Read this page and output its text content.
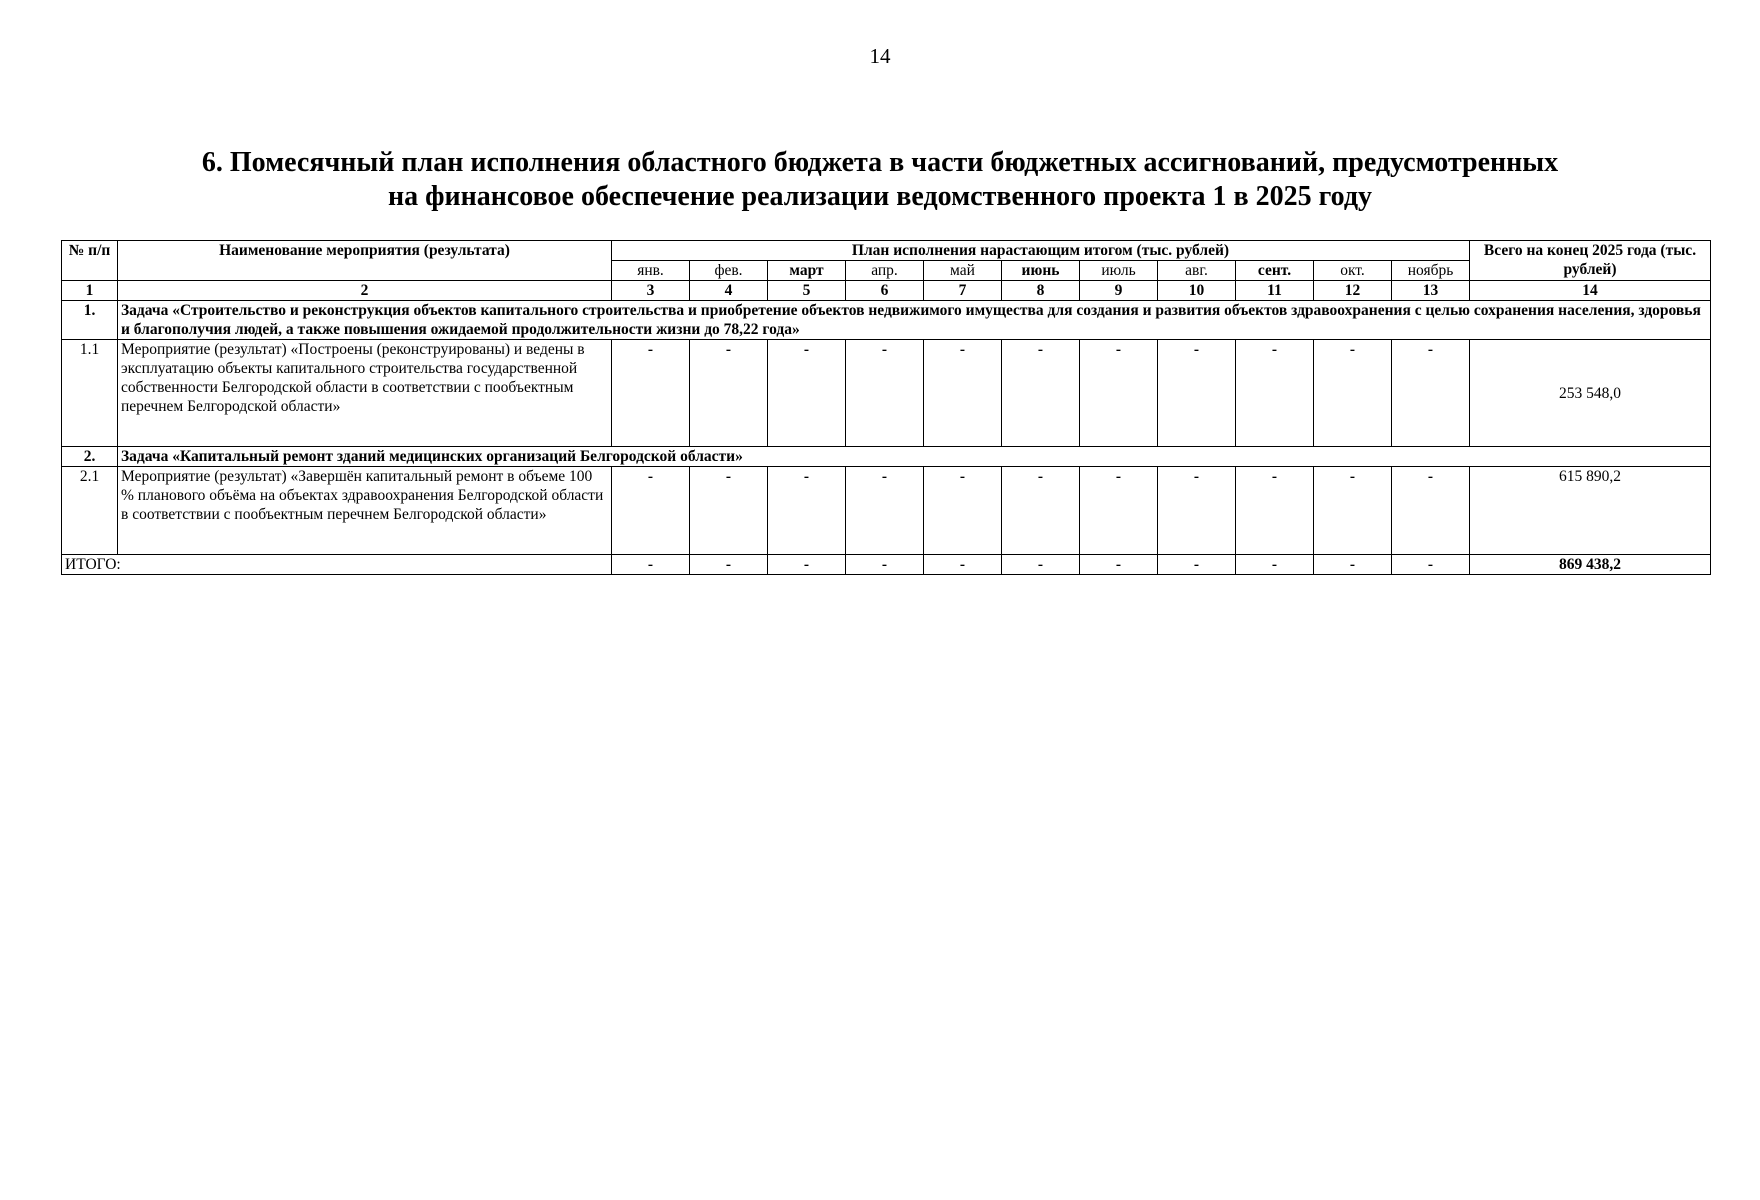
14
6. Помесячный план исполнения областного бюджета в части бюджетных ассигнований, предусмотренных
на финансовое обеспечение реализации ведомственного проекта 1 в 2025 году
№ п/п	Наименование мероприятия (результата)	План исполнения нарастающим итогом (тыс. рублей)											Всего на конец 2025 года (тыс. рублей)
		янв.	фев.	март	апр.	май	июнь	июль	авг.	сент.	окт.	ноябрь	
1	2	3	4	5	6	7	8	9	10	11	12	13	14
1.	Задача «Строительство и реконструкция объектов капитального строительства и приобретение объектов недвижимого имущества для создания и развития объектов здравоохранения с целью сохранения населения, здоровья и благополучия людей, а также повышения ожидаемой продолжительности жизни до 78,22 года»												
1.1	Мероприятие (результат) «Построены (реконструированы) и ведены в эксплуатацию объекты капитального строительства государственной собственности Белгородской области в соответствии с пообъектным перечнем Белгородской области»	-	-	-	-	-	-	-	-	-	-	-	253 548,0
2.	Задача «Капитальный ремонт зданий медицинских организаций Белгородской области»												
2.1	Мероприятие (результат) «Завершён капитальный ремонт в объеме 100 % планового объёма на объектах здравоохранения Белгородской области в соответствии с пообъектным перечнем Белгородской области»	-	-	-	-	-	-	-	-	-	-	-	615 890,2
ИТОГО:		-	-	-	-	-	-	-	-	-	-	-	869 438,2
